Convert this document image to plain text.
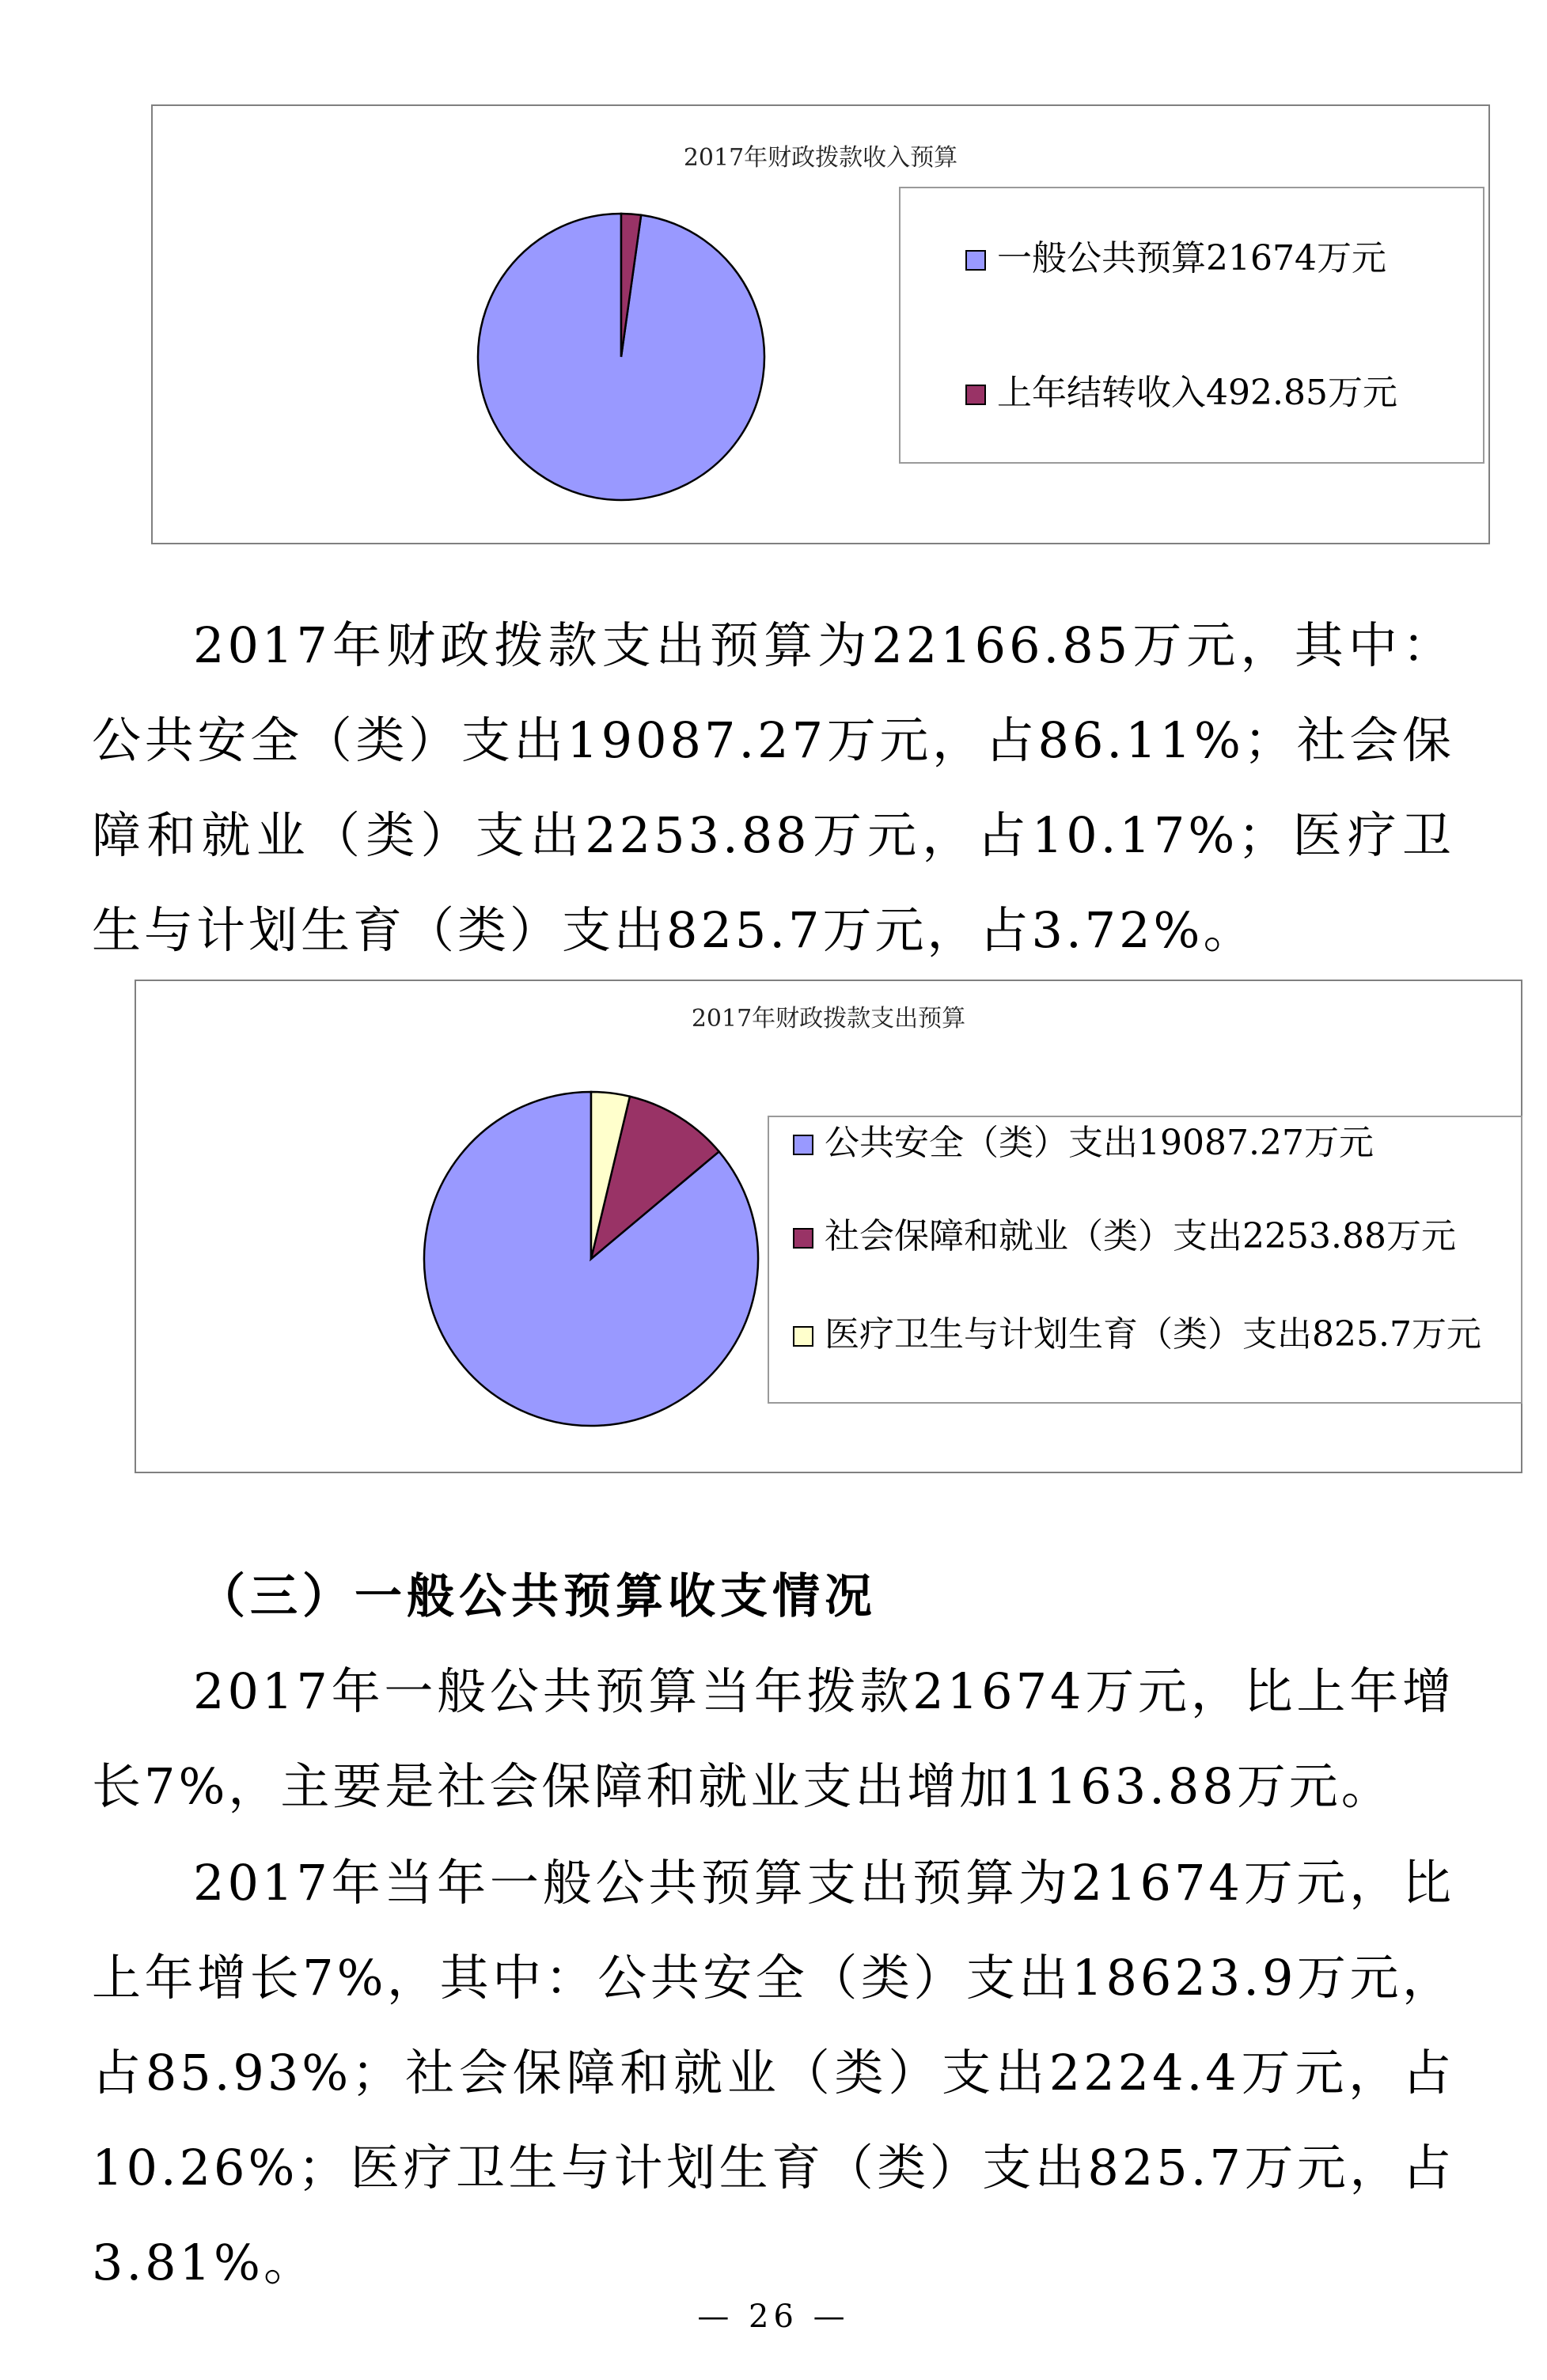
2017年财政拨款收入预算
一般公共预算21674万元
上年结转收入492.85万元

2017年财政拨款支出预算为22166.85万元，其中：公共安全（类）支出19087.27万元，占86.11%；社会保障和就业（类）支出2253.88万元，占10.17%；医疗卫生与计划生育（类）支出825.7万元，占3.72%。

2017年财政拨款支出预算
公共安全（类）支出19087.27万元
社会保障和就业（类）支出2253.88万元
医疗卫生与计划生育（类）支出825.7万元

（三）一般公共预算收支情况

2017年一般公共预算当年拨款21674万元，比上年增长7%，主要是社会保障和就业支出增加1163.88万元。

2017年当年一般公共预算支出预算为21674万元，比上年增长7%，其中：公共安全（类）支出18623.9万元，占85.93%；社会保障和就业（类）支出2224.4万元，占10.26%；医疗卫生与计划生育（类）支出825.7万元，占3.81%。

— 26 —
